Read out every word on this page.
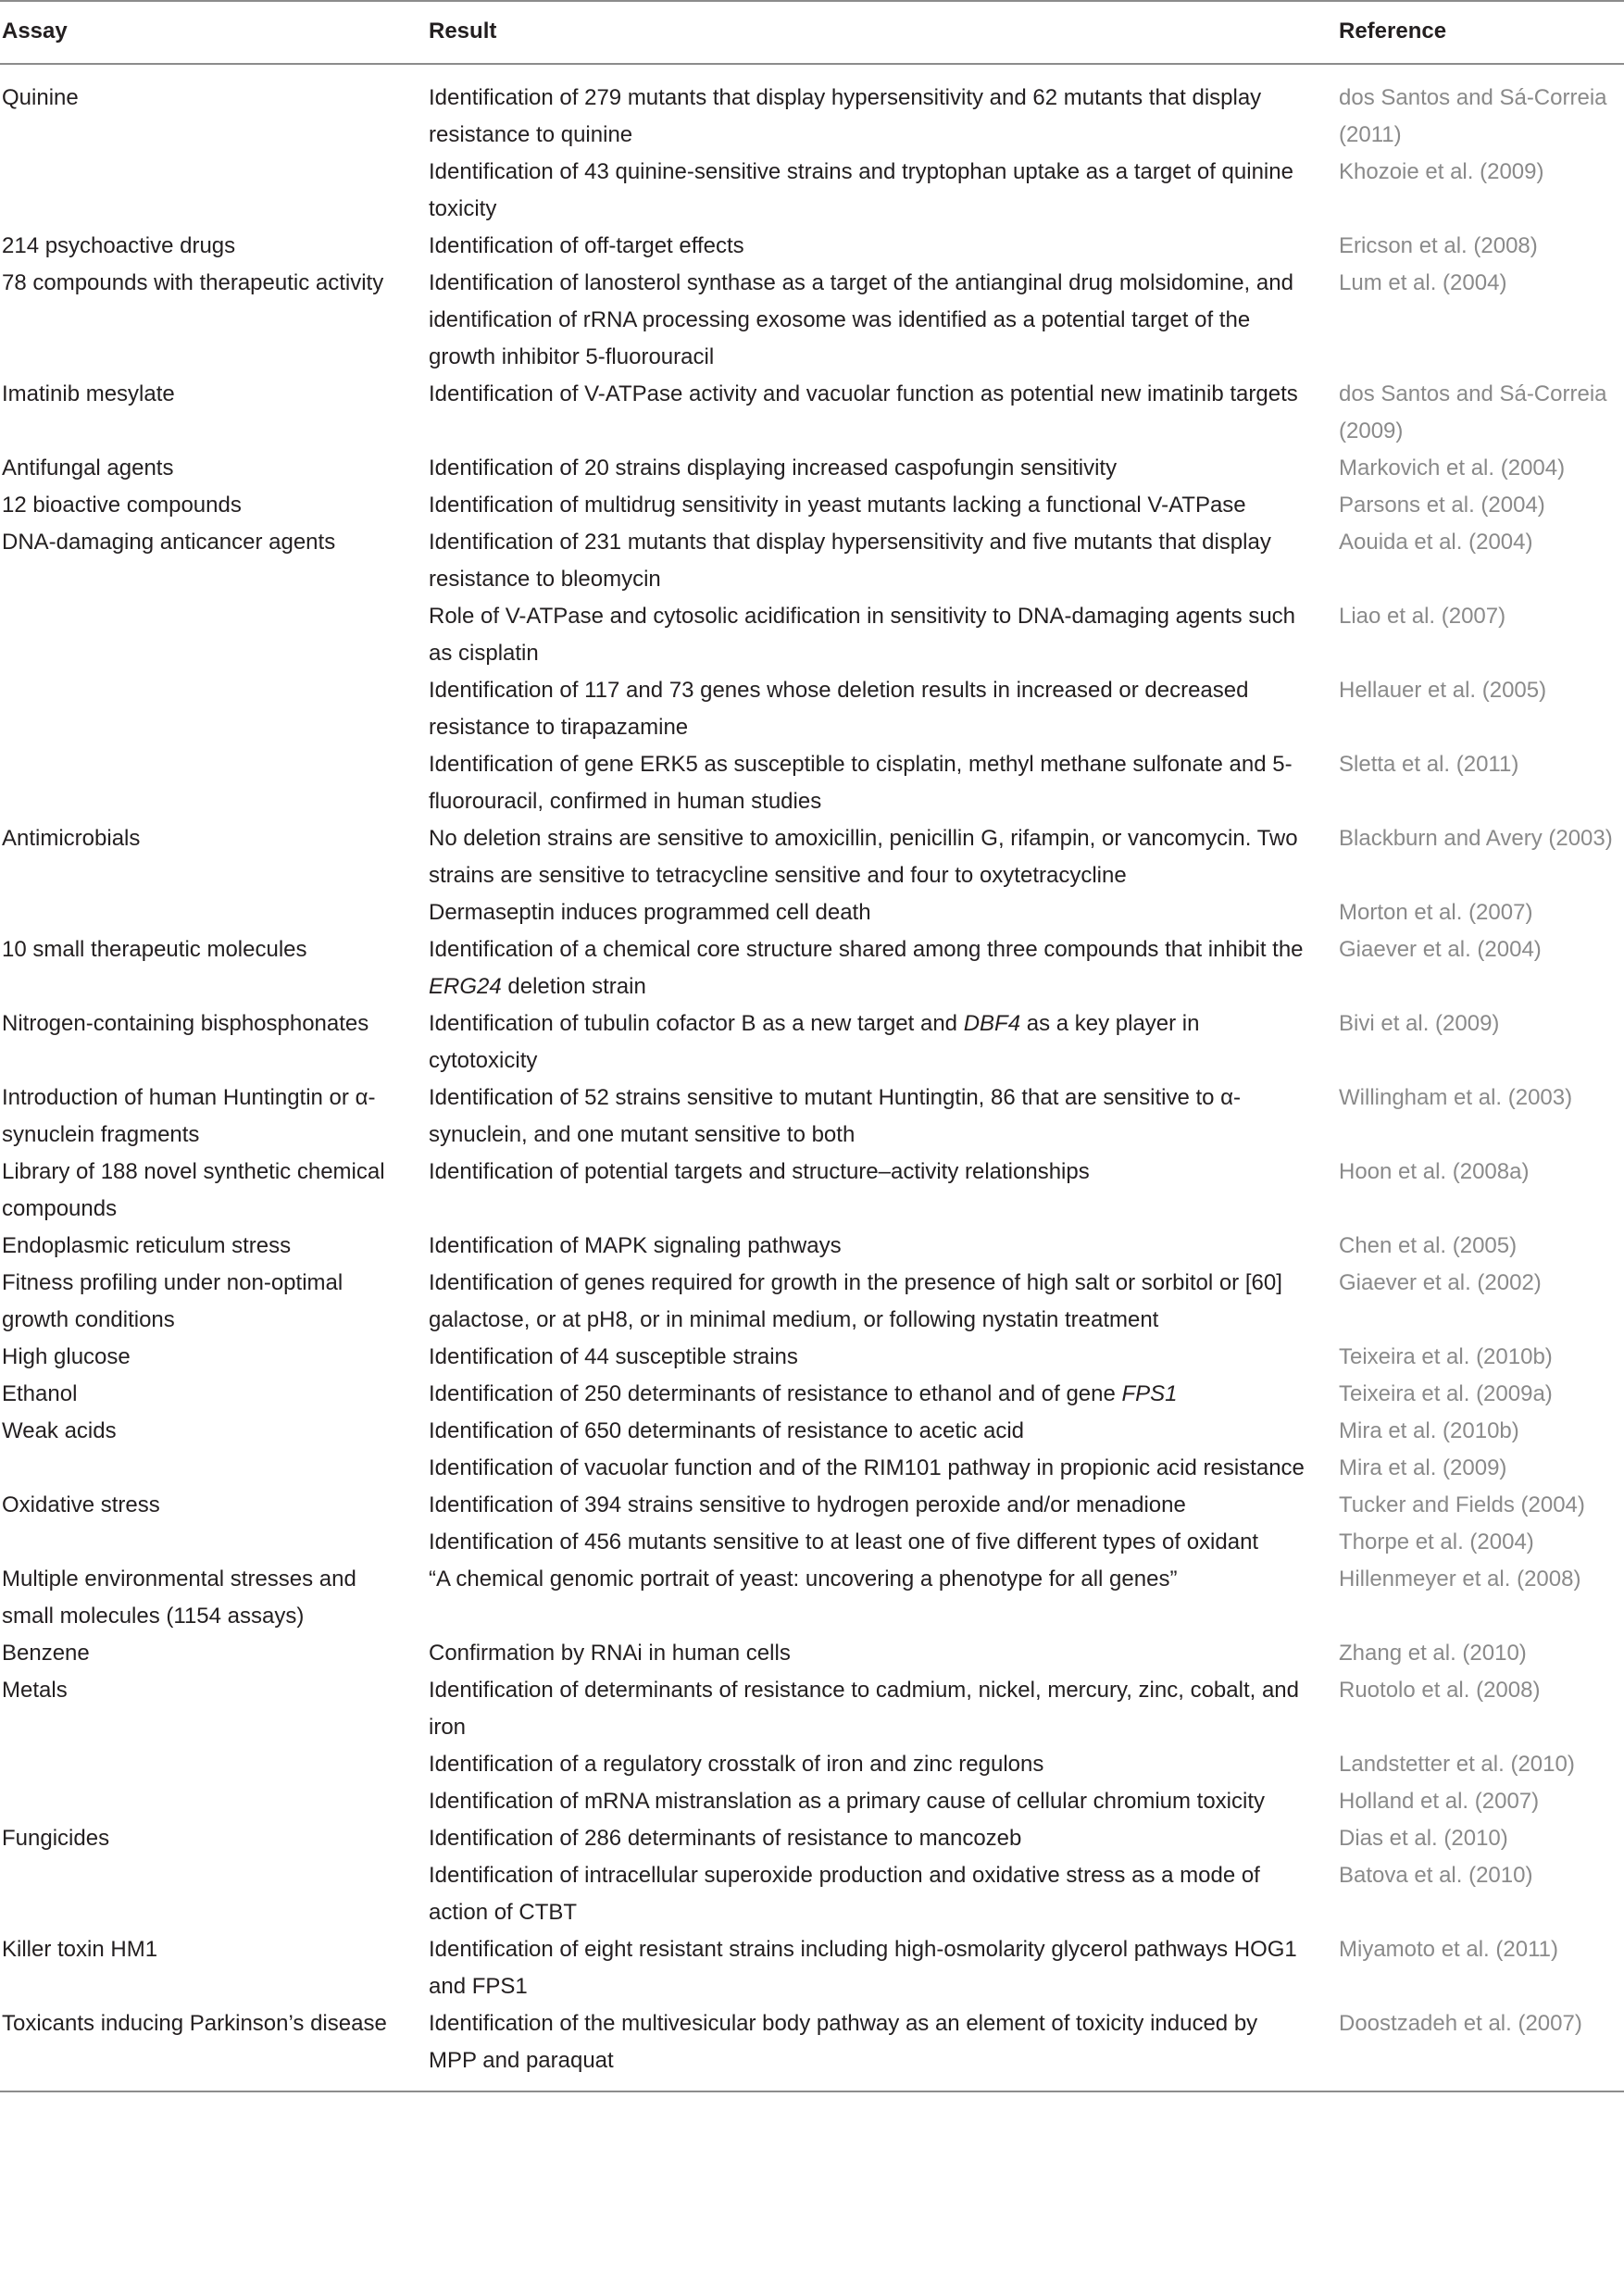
Assay	Result	Reference
Quinine	Identification of 279 mutants that display hypersensitivity and 62 mutants that display resistance to quinine	dos Santos and Sá-Correia (2011)
	Identification of 43 quinine-sensitive strains and tryptophan uptake as a target of quinine toxicity	Khozoie et al. (2009)
214 psychoactive drugs	Identification of off-target effects	Ericson et al. (2008)
78 compounds with therapeutic activity	Identification of lanosterol synthase as a target of the antianginal drug molsidomine, and identification of rRNA processing exosome was identified as a potential target of the growth inhibitor 5-fluorouracil	Lum et al. (2004)
Imatinib mesylate	Identification of V-ATPase activity and vacuolar function as potential new imatinib targets	dos Santos and Sá-Correia (2009)
Antifungal agents	Identification of 20 strains displaying increased caspofungin sensitivity	Markovich et al. (2004)
12 bioactive compounds	Identification of multidrug sensitivity in yeast mutants lacking a functional V-ATPase	Parsons et al. (2004)
DNA-damaging anticancer agents	Identification of 231 mutants that display hypersensitivity and five mutants that display resistance to bleomycin	Aouida et al. (2004)
	Role of V-ATPase and cytosolic acidification in sensitivity to DNA-damaging agents such as cisplatin	Liao et al. (2007)
	Identification of 117 and 73 genes whose deletion results in increased or decreased resistance to tirapazamine	Hellauer et al. (2005)
	Identification of gene ERK5 as susceptible to cisplatin, methyl methane sulfonate and 5-fluorouracil, confirmed in human studies	Sletta et al. (2011)
Antimicrobials	No deletion strains are sensitive to amoxicillin, penicillin G, rifampin, or vancomycin. Two strains are sensitive to tetracycline sensitive and four to oxytetracycline	Blackburn and Avery (2003)
	Dermaseptin induces programmed cell death	Morton et al. (2007)
10 small therapeutic molecules	Identification of a chemical core structure shared among three compounds that inhibit the ERG24 deletion strain	Giaever et al. (2004)
Nitrogen-containing bisphosphonates	Identification of tubulin cofactor B as a new target and DBF4 as a key player in cytotoxicity	Bivi et al. (2009)
Introduction of human Huntingtin or α-synuclein fragments	Identification of 52 strains sensitive to mutant Huntingtin, 86 that are sensitive to α-synuclein, and one mutant sensitive to both	Willingham et al. (2003)
Library of 188 novel synthetic chemical compounds	Identification of potential targets and structure–activity relationships	Hoon et al. (2008a)
Endoplasmic reticulum stress	Identification of MAPK signaling pathways	Chen et al. (2005)
Fitness profiling under non-optimal growth conditions	Identification of genes required for growth in the presence of high salt or sorbitol or [60] galactose, or at pH8, or in minimal medium, or following nystatin treatment	Giaever et al. (2002)
High glucose	Identification of 44 susceptible strains	Teixeira et al. (2010b)
Ethanol	Identification of 250 determinants of resistance to ethanol and of gene FPS1	Teixeira et al. (2009a)
Weak acids	Identification of 650 determinants of resistance to acetic acid	Mira et al. (2010b)
	Identification of vacuolar function and of the RIM101 pathway in propionic acid resistance	Mira et al. (2009)
Oxidative stress	Identification of 394 strains sensitive to hydrogen peroxide and/or menadione	Tucker and Fields (2004)
	Identification of 456 mutants sensitive to at least one of five different types of oxidant	Thorpe et al. (2004)
Multiple environmental stresses and small molecules (1154 assays)	“A chemical genomic portrait of yeast: uncovering a phenotype for all genes”	Hillenmeyer et al. (2008)
Benzene	Confirmation by RNAi in human cells	Zhang et al. (2010)
Metals	Identification of determinants of resistance to cadmium, nickel, mercury, zinc, cobalt, and iron	Ruotolo et al. (2008)
	Identification of a regulatory crosstalk of iron and zinc regulons	Landstetter et al. (2010)
	Identification of mRNA mistranslation as a primary cause of cellular chromium toxicity	Holland et al. (2007)
Fungicides	Identification of 286 determinants of resistance to mancozeb	Dias et al. (2010)
	Identification of intracellular superoxide production and oxidative stress as a mode of action of CTBT	Batova et al. (2010)
Killer toxin HM1	Identification of eight resistant strains including high-osmolarity glycerol pathways HOG1 and FPS1	Miyamoto et al. (2011)
Toxicants inducing Parkinson’s disease	Identification of the multivesicular body pathway as an element of toxicity induced by MPP and paraquat	Doostzadeh et al. (2007)
